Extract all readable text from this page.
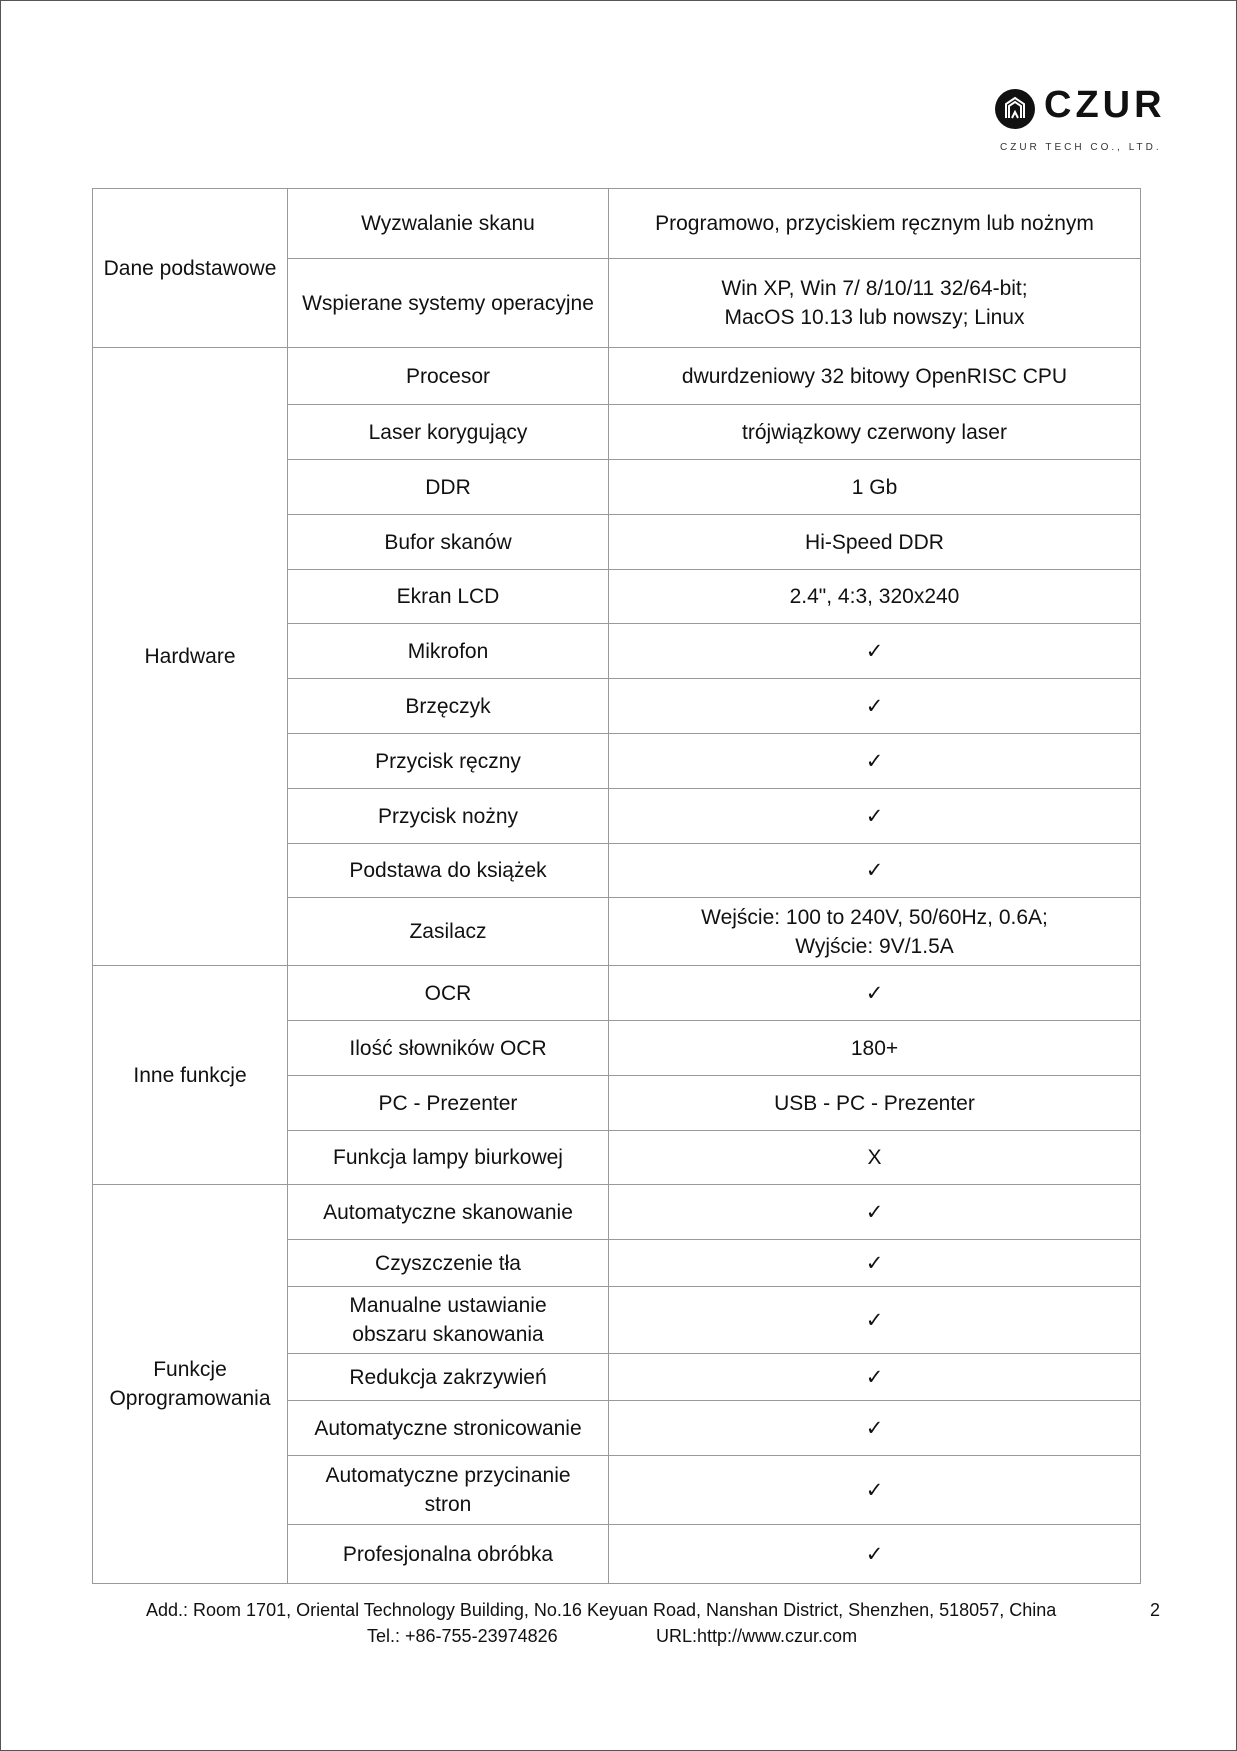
CZUR
CZUR TECH CO., LTD.
Dane podstawowe	Wyzwalanie skanu	Programowo, przyciskiem ręcznym lub nożnym
	Wspierane systemy operacyjne	Win XP, Win 7/ 8/10/11 32/64-bit;
MacOS 10.13 lub nowszy; Linux
Hardware	Procesor	dwurdzeniowy 32 bitowy OpenRISC CPU
	Laser korygujący	trójwiązkowy czerwony laser
	DDR	1 Gb
	Bufor skanów	Hi-Speed DDR
	Ekran LCD	2.4", 4:3, 320x240
	Mikrofon	✓
	Brzęczyk	✓
	Przycisk ręczny	✓
	Przycisk nożny	✓
	Podstawa do książek	✓
	Zasilacz	Wejście: 100 to 240V, 50/60Hz, 0.6A;
Wyjście: 9V/1.5A
Inne funkcje	OCR	✓
	Ilość słowników OCR	180+
	PC - Prezenter	USB - PC - Prezenter
	Funkcja lampy biurkowej	X
Funkcje
Oprogramowania	Automatyczne skanowanie	✓
	Czyszczenie tła	✓
	Manualne ustawianie
obszaru skanowania	✓
	Redukcja zakrzywień	✓
	Automatyczne stronicowanie	✓
	Automatyczne przycinanie
stron	✓
	Profesjonalna obróbka	✓
Add.: Room 1701, Oriental Technology Building, No.16 Keyuan Road, Nanshan District, Shenzhen, 518057, China	2
Tel.: +86-755-23974826	URL:http://www.czur.com
